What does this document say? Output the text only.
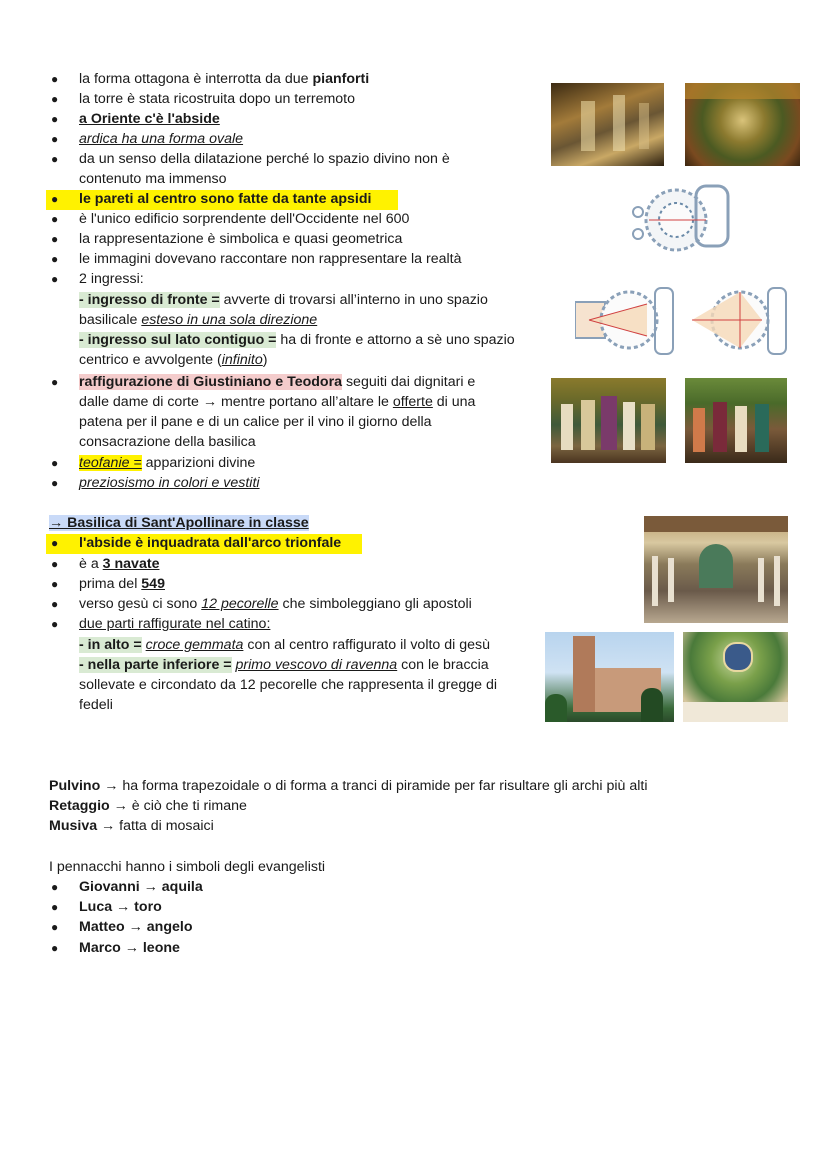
●	la forma ottagona è interrotta da due pianforti
●	la torre è stata ricostruita dopo un terremoto
●	a Oriente c'è l'abside
●	ardica ha una forma ovale
●	da un senso della dilatazione perché lo spazio divino non è
contenuto ma immenso
●	le pareti al centro sono fatte da tante apsidi
●	è l'unico edificio sorprendente dell'Occidente nel 600
●	la rappresentazione è simbolica e quasi geometrica
●	le immagini dovevano raccontare non rappresentare la realtà
●	2 ingressi:
- ingresso di fronte = avverte di trovarsi all’interno in uno spazio
basilicale esteso in una sola direzione
- ingresso sul lato contiguo = ha di fronte e attorno a sè uno spazio
centrico e avvolgente (infinito)
●	raffigurazione di Giustiniano e Teodora seguiti dai dignitari e
dalle dame di corte → mentre portano all’altare le offerte di una
patena per il pane e di un calice per il vino il giorno della
consacrazione della basilica
●	teofanie = apparizioni divine
●	preziosismo in colori e vestiti
→ Basilica di Sant'Apollinare in classe
●	l'abside è inquadrata dall'arco trionfale
●	è a 3 navate
●	prima del 549
●	verso gesù ci sono 12 pecorelle che simboleggiano gli apostoli
●	due parti raffigurate nel catino:
- in alto = croce gemmata con al centro raffigurato il volto di gesù
- nella parte inferiore = primo vescovo di ravenna con le braccia
sollevate e circondato da 12 pecorelle che rappresenta il gregge di
fedeli
Pulvino → ha forma trapezoidale o di forma a tranci di piramide per far risultare gli archi più alti
Retaggio → è ciò che ti rimane
Musiva → fatta di mosaici
I pennacchi hanno i simboli degli evangelisti
●	Giovanni → aquila
●	Luca → toro
●	Matteo → angelo
●	Marco → leone
